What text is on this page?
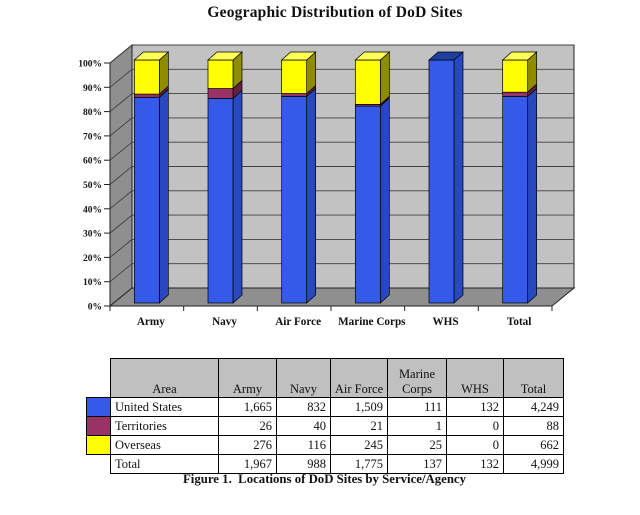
Geographic Distribution of DoD Sites
0%
10%
20%
30%
40%
50%
60%
70%
80%
90%
100%
Army	Navy	Air Force Marine Corps WHS	Total
	Area	Army	Navy	Air Force	Marine Corps	WHS	Total
	United States	1,665	832	1,509	111	132	4,249
	Territories	26	40	21	1	0	88
	Overseas	276	116	245	25	0	662
	Total	1,967	988	1,775	137	132	4,999
Figure 1.  Locations of DoD Sites by Service/Agency
